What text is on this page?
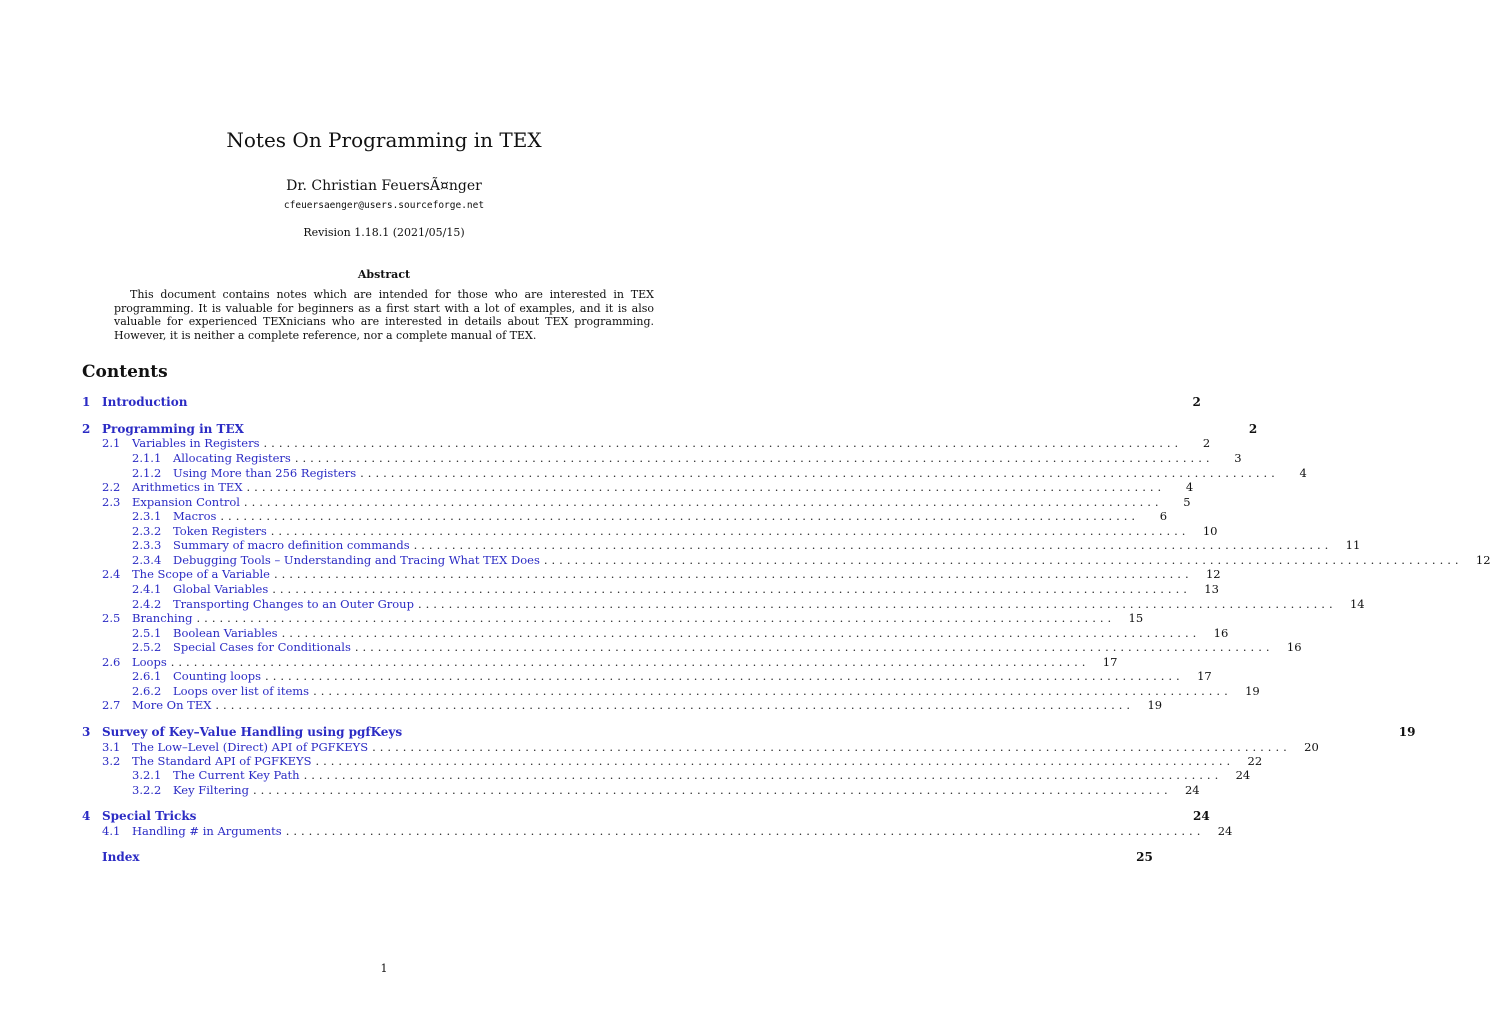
Notes On Programming in TEX
Dr. Christian FeuersÃ¤nger
cfeuersaenger@users.sourceforge.net
Revision 1.18.1 (2021/05/15)
Abstract
This document contains notes which are intended for those who are interested in TEX programming. It is valuable for beginners as a first start with a lot of examples, and it is also valuable for experienced TEXnicians who are interested in details about TEX programming. However, it is neither a complete reference, nor a complete manual of TEX.
Contents
1 Introduction	2
2 Programming in TEX	2
2.1	Variables in Registers ........................................................................................................................	2
2.1.1	Allocating Registers ........................................................................................................................	3
2.1.2	Using More than 256 Registers ........................................................................................................................	4
2.2	Arithmetics in TEX ........................................................................................................................	4
2.3	Expansion Control ........................................................................................................................	5
2.3.1	Macros ........................................................................................................................	6
2.3.2	Token Registers ........................................................................................................................	10
2.3.3	Summary of macro definition commands ........................................................................................................................	11
2.3.4	Debugging Tools – Understanding and Tracing What TEX Does ........................................................................................................................	12
2.4	The Scope of a Variable ........................................................................................................................	12
2.4.1	Global Variables ........................................................................................................................	13
2.4.2	Transporting Changes to an Outer Group ........................................................................................................................	14
2.5	Branching ........................................................................................................................	15
2.5.1	Boolean Variables ........................................................................................................................	16
2.5.2	Special Cases for Conditionals ........................................................................................................................	16
2.6	Loops ........................................................................................................................	17
2.6.1	Counting loops ........................................................................................................................	17
2.6.2	Loops over list of items ........................................................................................................................	19
2.7	More On TEX ........................................................................................................................	19
3 Survey of Key–Value Handling using pgfKeys	19
3.1	The Low–Level (Direct) API of PGFKEYS ........................................................................................................................	20
3.2	The Standard API of PGFKEYS ........................................................................................................................	22
3.2.1	The Current Key Path ........................................................................................................................	24
3.2.2	Key Filtering ........................................................................................................................	24
4 Special Tricks	24
4.1	Handling # in Arguments ........................................................................................................................	24
Index	25
1
